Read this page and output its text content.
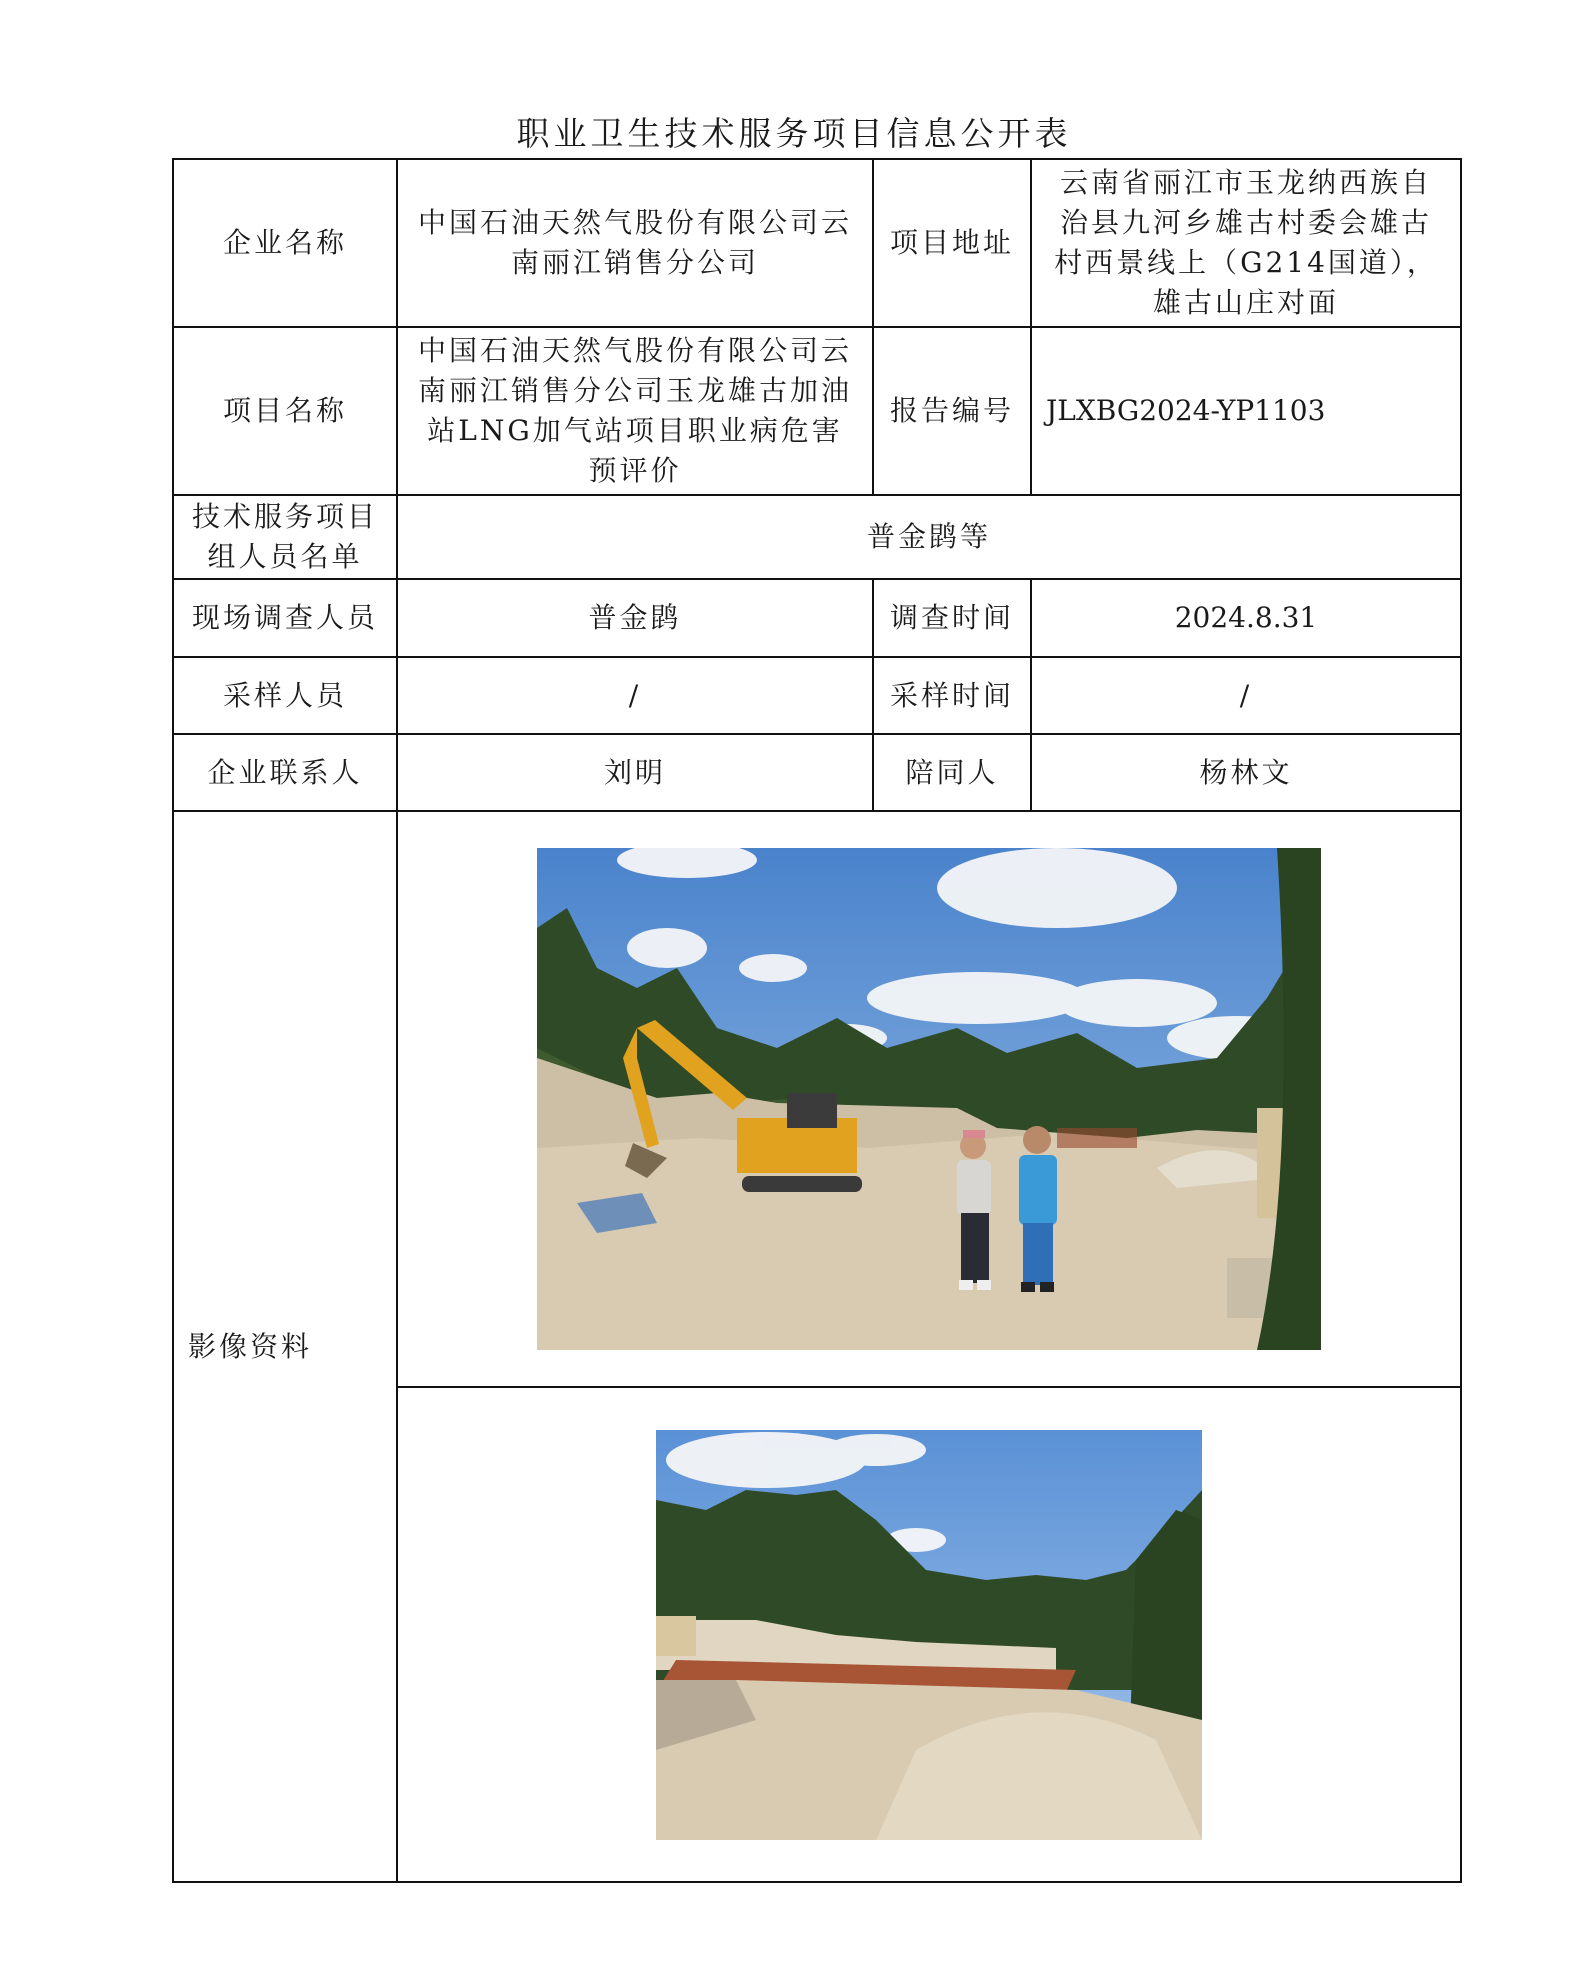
职业卫生技术服务项目信息公开表
企业名称	中国石油天然气股份有限公司云南丽江销售分公司	项目地址	云南省丽江市玉龙纳西族自治县九河乡雄古村委会雄古村西景线上（G214国道），雄古山庄对面
项目名称	中国石油天然气股份有限公司云南丽江销售分公司玉龙雄古加油站LNG加气站项目职业病危害预评价	报告编号	JLXBG2024-YP1103
技术服务项目组人员名单	普金鹍等		
现场调查人员	普金鹍	调查时间	2024.8.31
采样人员	/	采样时间	/
企业联系人	刘明	陪同人	杨林文
影像资料	
